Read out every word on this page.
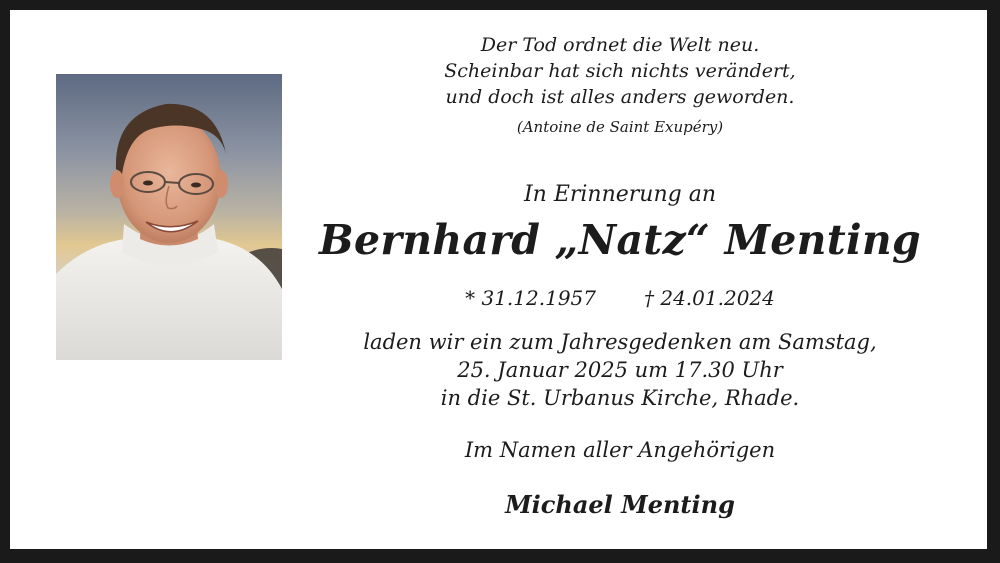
Der Tod ordnet die Welt neu.
Scheinbar hat sich nichts verändert,
und doch ist alles anders geworden.
(Antoine de Saint Exupéry)
In Erinnerung an
Bernhard „Natz“ Menting
* 31.12.1957 † 24.01.2024
laden wir ein zum Jahresgedenken am Samstag,
25. Januar 2025 um 17.30 Uhr
in die St. Urbanus Kirche, Rhade.
Im Namen aller Angehörigen
Michael Menting
